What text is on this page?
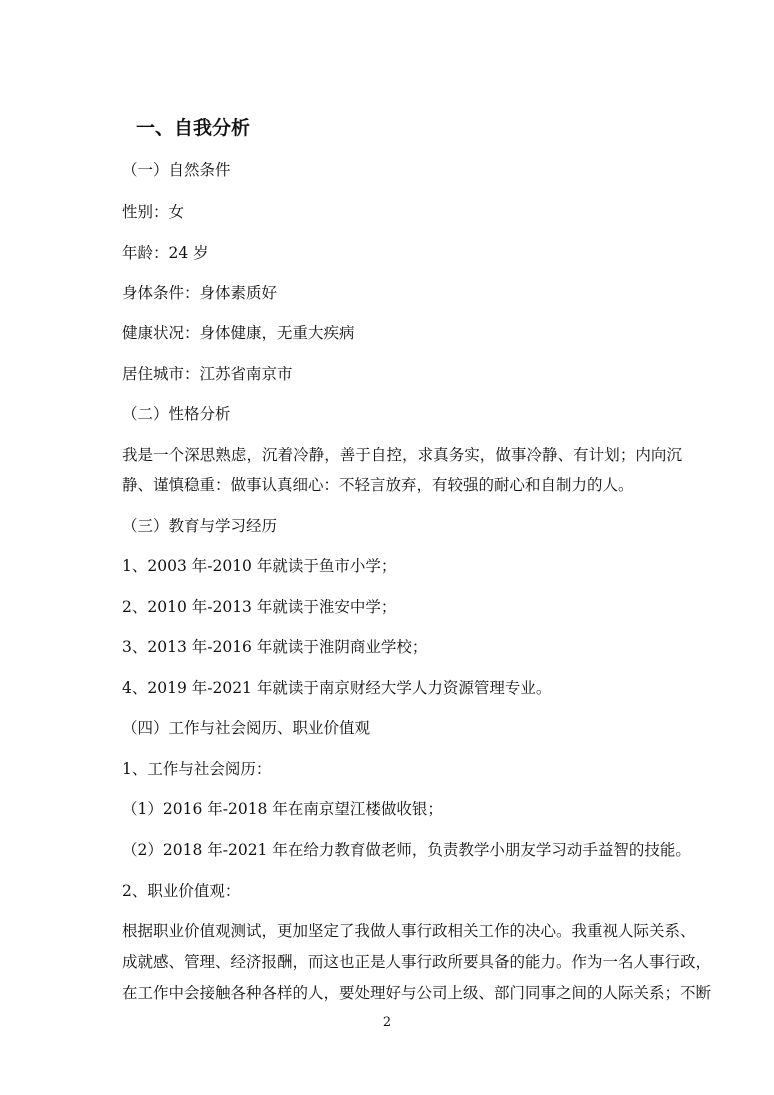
一、自我分析
（一）自然条件
性别：女
年龄：24 岁
身体条件：身体素质好
健康状况：身体健康，无重大疾病
居住城市：江苏省南京市
（二）性格分析
我是一个深思熟虑，沉着冷静，善于自控，求真务实，做事冷静、有计划；内向沉
静、谨慎稳重：做事认真细心：不轻言放弃，有较强的耐心和自制力的人。
（三）教育与学习经历
1、2003 年-2010 年就读于鱼市小学；
2、2010 年-2013 年就读于淮安中学；
3、2013 年-2016 年就读于淮阴商业学校；
4、2019 年-2021 年就读于南京财经大学人力资源管理专业。
（四）工作与社会阅历、职业价值观
1、工作与社会阅历：
（1）2016 年-2018 年在南京望江楼做收银；
（2）2018 年-2021 年在给力教育做老师，负责教学小朋友学习动手益智的技能。
2、职业价值观：
根据职业价值观测试，更加坚定了我做人事行政相关工作的决心。我重视人际关系、
成就感、管理、经济报酬，而这也正是人事行政所要具备的能力。作为一名人事行政，
在工作中会接触各种各样的人，要处理好与公司上级、部门同事之间的人际关系；不断
2
